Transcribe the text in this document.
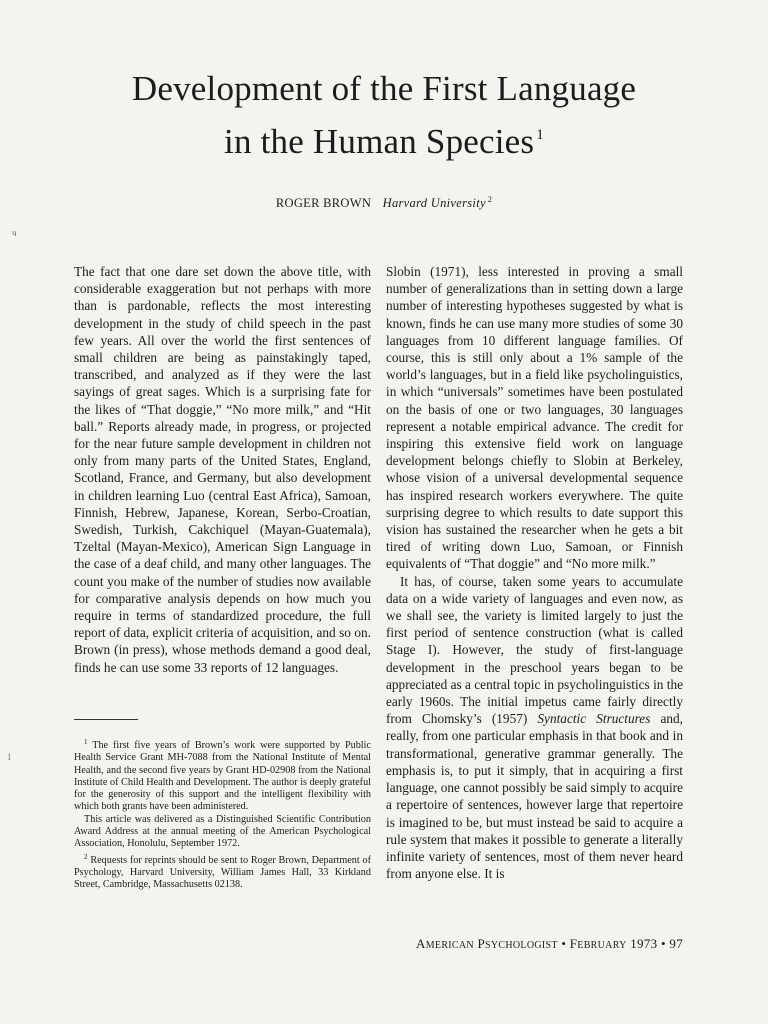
Development of the First Language
in the Human Species $^1$
ROGER BROWN Harvard University $^2$
ч
l

The fact that one dare set down the above title, with considerable exaggeration but not perhaps with more than is pardonable, reflects the most interesting development in the study of child speech in the past few years. All over the world the first sentences of small children are being as painstakingly taped, transcribed, and analyzed as if they were the last sayings of great sages. Which is a surprising fate for the likes of “That doggie,” “No more milk,” and “Hit ball.” Reports already made, in progress, or projected for the near future sample development in children not only from many parts of the United States, England, Scotland, France, and Germany, but also development in children learning Luo (central East Africa), Samoan, Finnish, Hebrew, Japanese, Korean, Serbo-Croatian, Swedish, Turkish, Cakchiquel (Mayan-Guatemala), Tzeltal (Mayan-Mexico), American Sign Language in the case of a deaf child, and many other languages. The count you make of the number of studies now available for comparative analysis depends on how much you require in terms of standardized procedure, the full report of data, explicit criteria of acquisition, and so on. Brown (in press), whose methods demand a good deal, finds he can use some 33 reports of 12 languages.

$^1$ The first five years of Brown’s work were supported by Public Health Service Grant MH-7088 from the National Institute of Mental Health, and the second five years by Grant HD-02908 from the National Institute of Child Health and Development. The author is deeply grateful for the generosity of this support and the intelligent flexibility with which both grants have been administered.

This article was delivered as a Distinguished Scientific Contribution Award Address at the annual meeting of the American Psychological Association, Honolulu, September 1972.

$^2$ Requests for reprints should be sent to Roger Brown, Department of Psychology, Harvard University, William James Hall, 33 Kirkland Street, Cambridge, Massachusetts 02138.

Slobin (1971), less interested in proving a small number of generalizations than in setting down a large number of interesting hypotheses suggested by what is known, finds he can use many more studies of some 30 languages from 10 different language families. Of course, this is still only about a 1% sample of the world’s languages, but in a field like psycholinguistics, in which “universals” sometimes have been postulated on the basis of one or two languages, 30 languages represent a notable empirical advance. The credit for inspiring this extensive field work on language development belongs chiefly to Slobin at Berkeley, whose vision of a universal developmental sequence has inspired research workers everywhere. The quite surprising degree to which results to date support this vision has sustained the researcher when he gets a bit tired of writing down Luo, Samoan, or Finnish equivalents of “That doggie” and “No more milk.”

It has, of course, taken some years to accumulate data on a wide variety of languages and even now, as we shall see, the variety is limited largely to just the first period of sentence construction (what is called Stage I). However, the study of first-language development in the preschool years began to be appreciated as a central topic in psycholinguistics in the early 1960s. The initial impetus came fairly directly from Chomsky’s (1957) Syntactic Structures and, really, from one particular emphasis in that book and in transformational, generative grammar generally. The emphasis is, to put it simply, that in acquiring a first language, one cannot possibly be said simply to acquire a repertoire of sentences, however large that repertoire is imagined to be, but must instead be said to acquire a rule system that makes it possible to generate a literally infinite variety of sentences, most of them never heard from anyone else. It is

AMERICAN PSYCHOLOGIST • FEBRUARY 1973 • 97
